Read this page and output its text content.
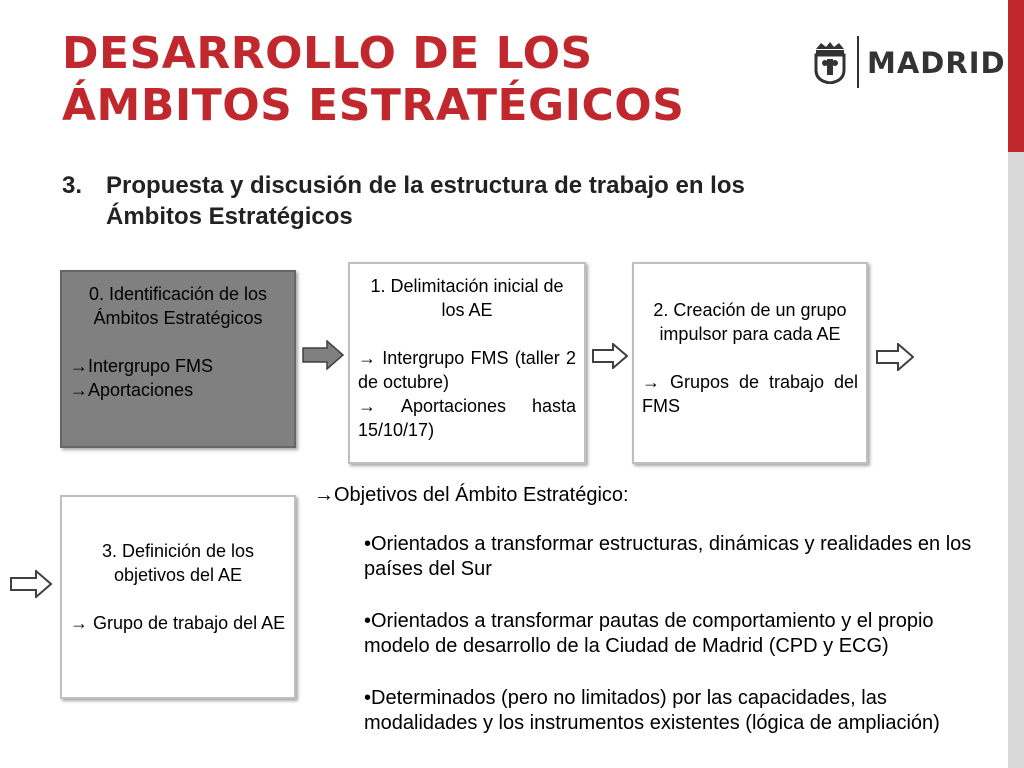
DESARROLLO DE LOS
ÁMBITOS ESTRATÉGICOS
MADRID
3. Propuesta y discusión de la estructura de trabajo en los
Ámbitos Estratégicos
0. Identificación de los
Ámbitos Estratégicos
→Intergrupo FMS
→Aportaciones
1. Delimitación inicial de
los AE
→ Intergrupo FMS (taller 2 de octubre)
→ Aportaciones hasta 15/10/17)
2. Creación de un grupo
impulsor para cada AE
→ Grupos de trabajo del FMS
3. Definición de los
objetivos del AE
→ Grupo de trabajo del AE
→Objetivos del Ámbito Estratégico:

•Orientados a transformar estructuras, dinámicas y realidades en los países del Sur

•Orientados a transformar pautas de comportamiento y el propio modelo de desarrollo de la Ciudad de Madrid (CPD y ECG)

•Determinados (pero no limitados) por las capacidades, las modalidades y los instrumentos existentes (lógica de ampliación)
